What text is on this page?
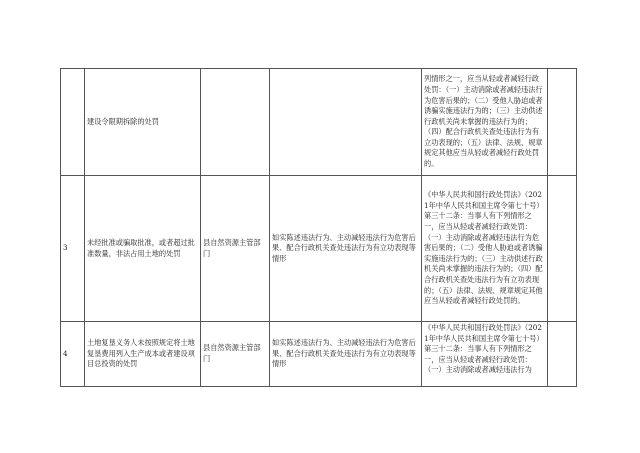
	建设令限期拆除的处罚			列情形之一，应当从轻或者减轻行政处罚：（一）主动消除或者减轻违法行为危害后果的；（二）受他人胁迫或者诱骗实施违法行为的；（三）主动供述行政机关尚未掌握的违法行为的；（四）配合行政机关查处违法行为有立功表现的；（五）法律、法规、规章规定其他应当从轻或者减轻行政处罚的。	
3	未经批准或骗取批准，或者超过批准数量，非法占用土地的处罚	县自然资源主管部门	如实陈述违法行为、主动减轻违法行为危害后果、配合行政机关查处违法行为有立功表现等情形	《中华人民共和国行政处罚法》（2021年中华人民共和国主席令第七十号）第三十二条：当事人有下列情形之一，应当从轻或者减轻行政处罚：（一）主动消除或者减轻违法行为危害后果的；（二）受他人胁迫或者诱骗实施违法行为的；（三）主动供述行政机关尚未掌握的违法行为的；（四）配合行政机关查处违法行为有立功表现的；（五）法律、法规、规章规定其他应当从轻或者减轻行政处罚的。	
4	土地复垦义务人未按照规定将土地复垦费用列入生产成本或者建设项目总投资的处罚	县自然资源主管部门	如实陈述违法行为、主动减轻违法行为危害后果、配合行政机关查处违法行为有立功表现等情形	《中华人民共和国行政处罚法》（2021年中华人民共和国主席令第七十号）第三十二条：当事人有下列情形之一，应当从轻或者减轻行政处罚：（一）主动消除或者减轻违法行为	
